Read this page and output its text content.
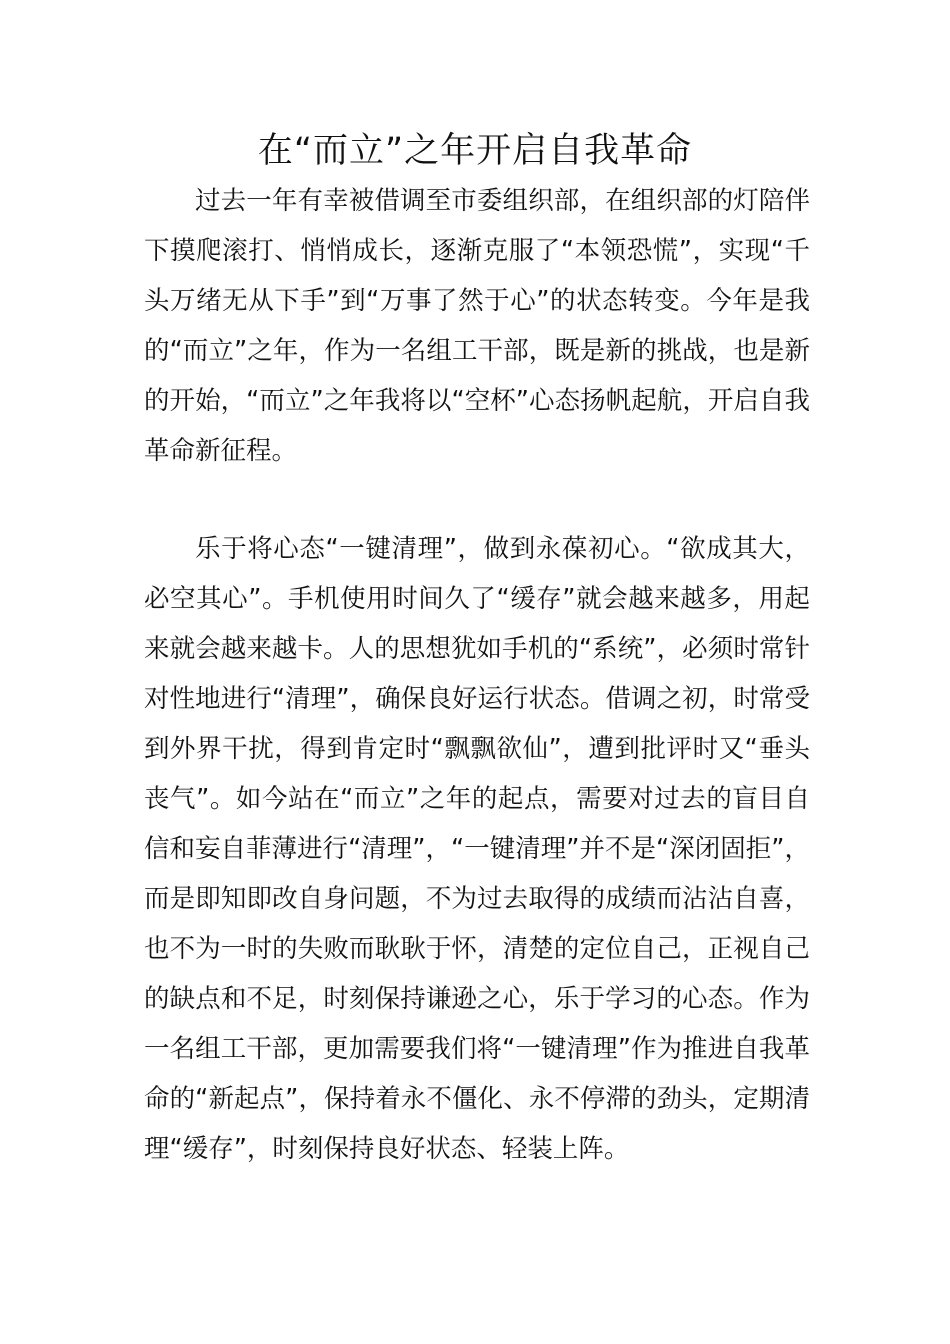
在“而立”之年开启自我革命

过去一年有幸被借调至市委组织部，在组织部的灯陪伴下摸爬滚打、悄悄成长，逐渐克服了“本领恐慌”，实现“千头万绪无从下手”到“万事了然于心”的状态转变。今年是我的“而立”之年，作为一名组工干部，既是新的挑战，也是新的开始，“而立”之年我将以“空杯”心态扬帆起航，开启自我革命新征程。

乐于将心态“一键清理”，做到永葆初心。“欲成其大，必空其心”。手机使用时间久了“缓存”就会越来越多，用起来就会越来越卡。人的思想犹如手机的“系统”，必须时常针对性地进行“清理”，确保良好运行状态。借调之初，时常受到外界干扰，得到肯定时“飘飘欲仙”，遭到批评时又“垂头丧气”。如今站在“而立”之年的起点，需要对过去的盲目自信和妄自菲薄进行“清理”，“一键清理”并不是“深闭固拒”，而是即知即改自身问题，不为过去取得的成绩而沾沾自喜，也不为一时的失败而耿耿于怀，清楚的定位自己，正视自己的缺点和不足，时刻保持谦逊之心，乐于学习的心态。作为一名组工干部，更加需要我们将“一键清理”作为推进自我革命的“新起点”，保持着永不僵化、永不停滞的劲头，定期清理“缓存”，时刻保持良好状态、轻装上阵。
